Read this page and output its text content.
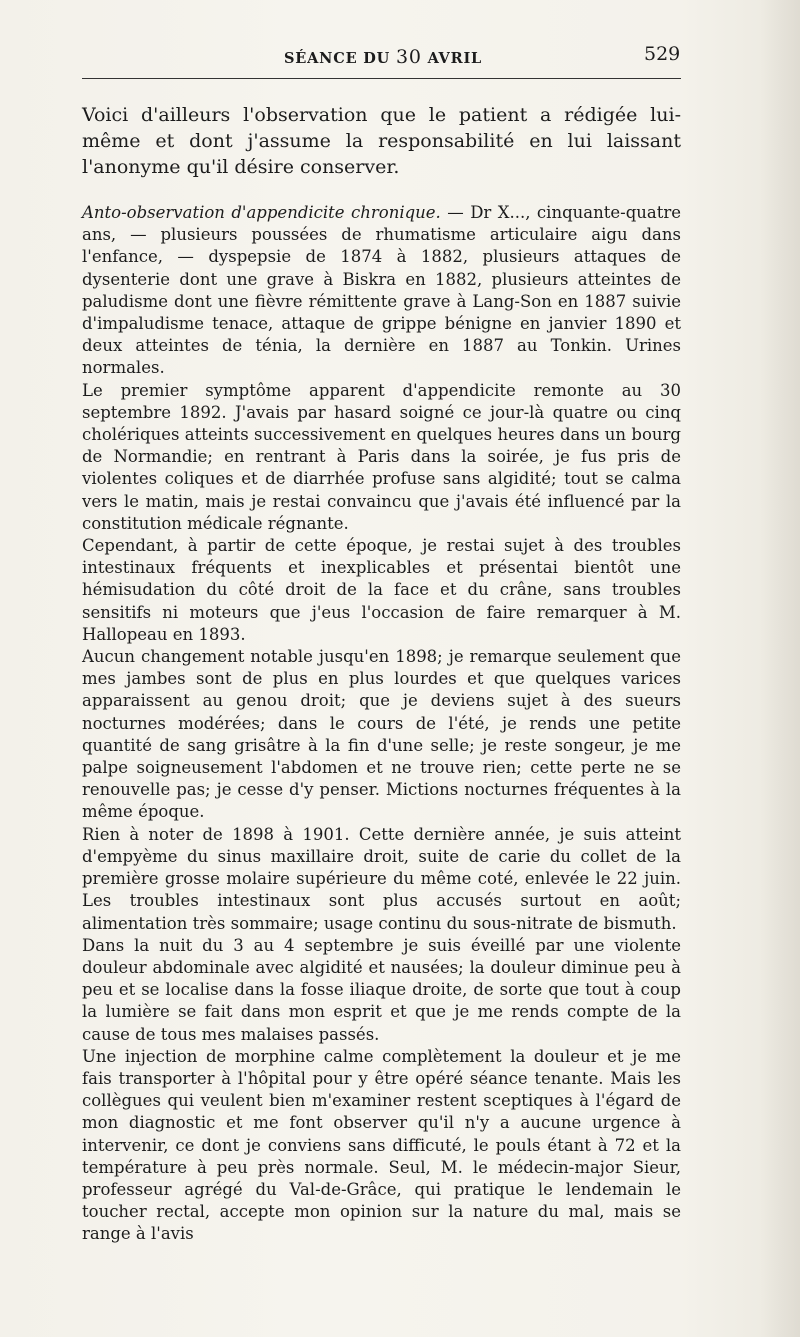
SÉANCE DU 30 AVRIL	529

Voici d'ailleurs l'observation que le patient a rédigée lui-même et dont j'assume la responsabilité en lui laissant l'anonyme qu'il désire conserver.

Anto-observation d'appendicite chronique. — Dr X..., cinquante-quatre ans, — plusieurs poussées de rhumatisme articulaire aigu dans l'enfance, — dyspepsie de 1874 à 1882, plusieurs attaques de dysenterie dont une grave à Biskra en 1882, plusieurs atteintes de paludisme dont une fièvre rémittente grave à Lang-Son en 1887 suivie d'impaludisme tenace, attaque de grippe bénigne en janvier 1890 et deux atteintes de ténia, la dernière en 1887 au Tonkin. Urines normales.

Le premier symptôme apparent d'appendicite remonte au 30 septembre 1892. J'avais par hasard soigné ce jour-là quatre ou cinq cholériques atteints successivement en quelques heures dans un bourg de Normandie; en rentrant à Paris dans la soirée, je fus pris de violentes coliques et de diarrhée profuse sans algidité; tout se calma vers le matin, mais je restai convaincu que j'avais été influencé par la constitution médicale régnante.

Cependant, à partir de cette époque, je restai sujet à des troubles intestinaux fréquents et inexplicables et présentai bientôt une hémisudation du côté droit de la face et du crâne, sans troubles sensitifs ni moteurs que j'eus l'occasion de faire remarquer à M. Hallopeau en 1893.

Aucun changement notable jusqu'en 1898; je remarque seulement que mes jambes sont de plus en plus lourdes et que quelques varices apparaissent au genou droit; que je deviens sujet à des sueurs nocturnes modérées; dans le cours de l'été, je rends une petite quantité de sang grisâtre à la fin d'une selle; je reste songeur, je me palpe soigneusement l'abdomen et ne trouve rien; cette perte ne se renouvelle pas; je cesse d'y penser. Mictions nocturnes fréquentes à la même époque.

Rien à noter de 1898 à 1901. Cette dernière année, je suis atteint d'empyème du sinus maxillaire droit, suite de carie du collet de la première grosse molaire supérieure du même coté, enlevée le 22 juin. Les troubles intestinaux sont plus accusés surtout en août; alimentation très sommaire; usage continu du sous-nitrate de bismuth.

Dans la nuit du 3 au 4 septembre je suis éveillé par une violente douleur abdominale avec algidité et nausées; la douleur diminue peu à peu et se localise dans la fosse iliaque droite, de sorte que tout à coup la lumière se fait dans mon esprit et que je me rends compte de la cause de tous mes malaises passés.

Une injection de morphine calme complètement la douleur et je me fais transporter à l'hôpital pour y être opéré séance tenante. Mais les collègues qui veulent bien m'examiner restent sceptiques à l'égard de mon diagnostic et me font observer qu'il n'y a aucune urgence à intervenir, ce dont je conviens sans difficuté, le pouls étant à 72 et la température à peu près normale. Seul, M. le médecin-major Sieur, professeur agrégé du Val-de-Grâce, qui pratique le lendemain le toucher rectal, accepte mon opinion sur la nature du mal, mais se range à l'avis
